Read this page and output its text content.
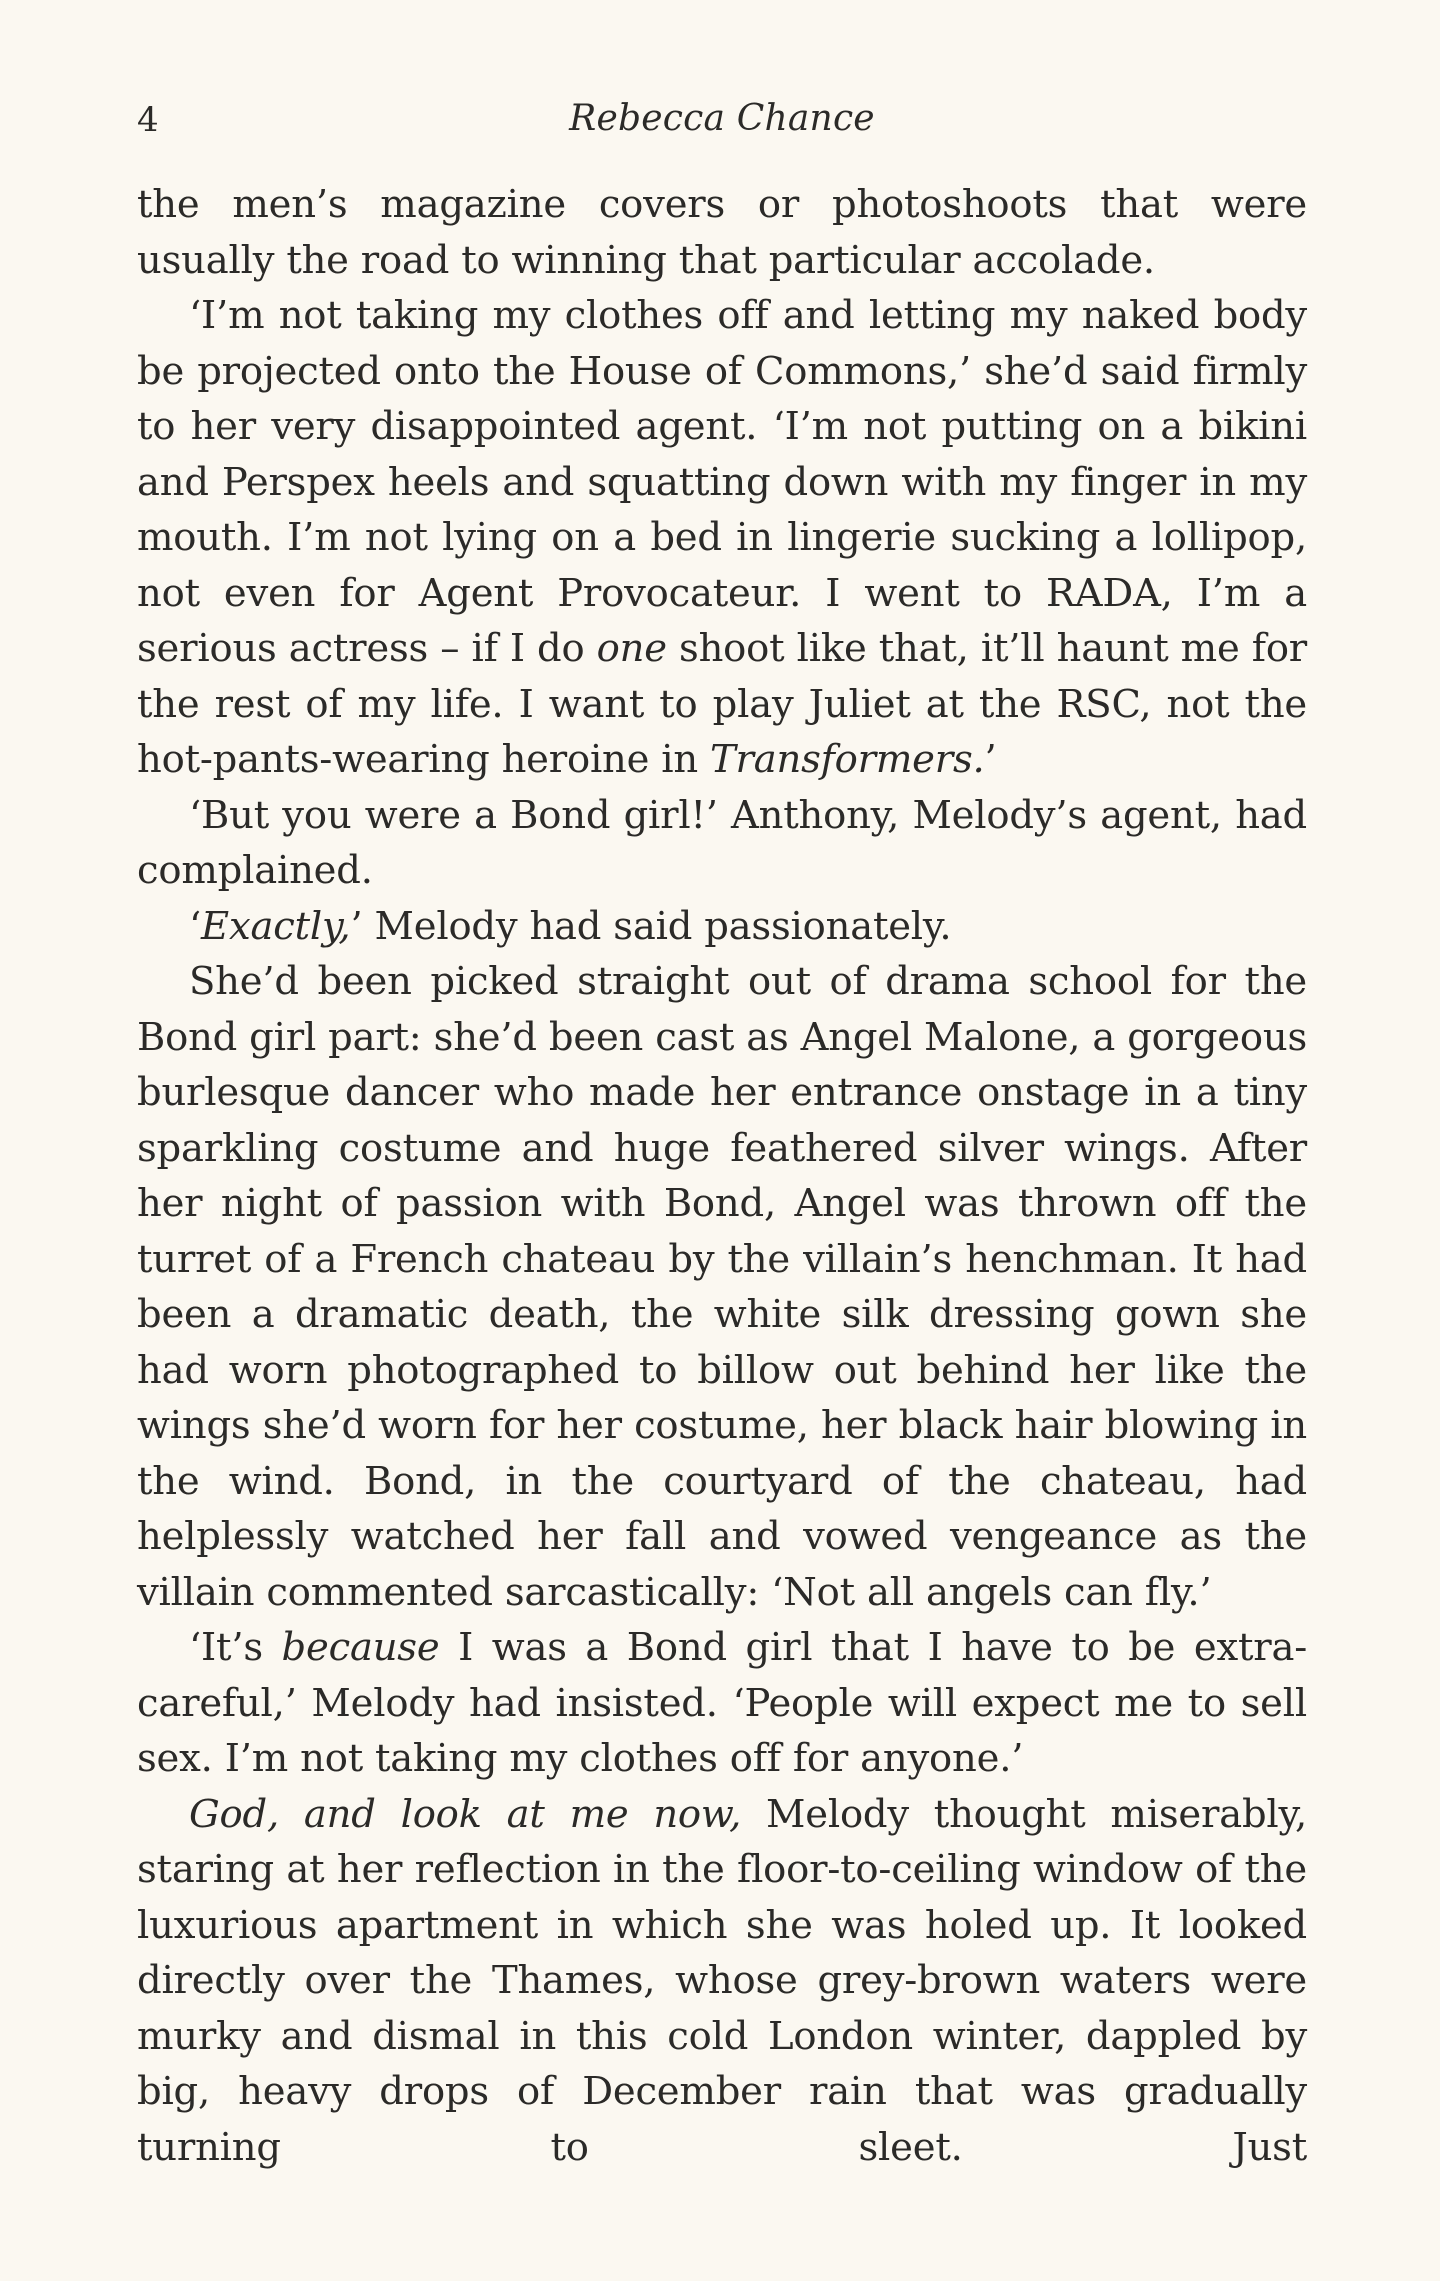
4	Rebecca Chance

the men’s magazine covers or photoshoots that were usually the road to winning that particular accolade.

‘I’m not taking my clothes off and letting my naked body be projected onto the House of Commons,’ she’d said firmly to her very disappointed agent. ‘I’m not putting on a bikini and Perspex heels and squatting down with my finger in my mouth. I’m not lying on a bed in lingerie sucking a lollipop, not even for Agent Provocateur. I went to RADA, I’m a serious actress – if I do one shoot like that, it’ll haunt me for the rest of my life. I want to play Juliet at the RSC, not the hot-pants-wearing heroine in Transformers.’

‘But you were a Bond girl!’ Anthony, Melody’s agent, had complained.

‘Exactly,’ Melody had said passionately.

She’d been picked straight out of drama school for the Bond girl part: she’d been cast as Angel Malone, a gorgeous burlesque dancer who made her entrance onstage in a tiny sparkling costume and huge feathered silver wings. After her night of passion with Bond, Angel was thrown off the turret of a French chateau by the villain’s henchman. It had been a dramatic death, the white silk dressing gown she had worn photographed to billow out behind her like the wings she’d worn for her costume, her black hair blowing in the wind. Bond, in the courtyard of the chateau, had helplessly watched her fall and vowed vengeance as the villain commented sarcastically: ‘Not all angels can fly.’

‘It’s because I was a Bond girl that I have to be extra-careful,’ Melody had insisted. ‘People will expect me to sell sex. I’m not taking my clothes off for anyone.’

God, and look at me now, Melody thought miserably, staring at her reflection in the floor-to-ceiling window of the luxurious apartment in which she was holed up. It looked directly over the Thames, whose grey-brown waters were murky and dismal in this cold London winter, dappled by big, heavy drops of December rain that was gradually turning to sleet. Just
